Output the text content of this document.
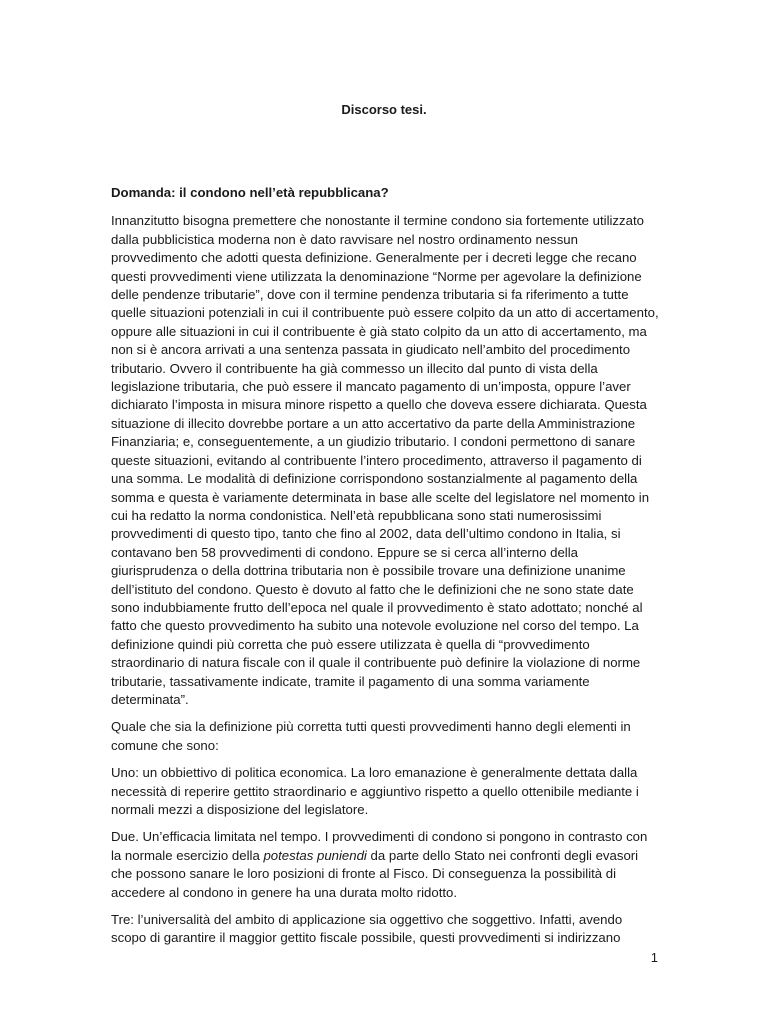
Discorso tesi.

Domanda: il condono nell’età repubblicana?

Innanzitutto bisogna premettere che nonostante il termine condono sia fortemente utilizzato dalla pubblicistica moderna non è dato ravvisare nel nostro ordinamento nessun provvedimento che adotti questa definizione. Generalmente per i decreti legge che recano questi provvedimenti viene utilizzata la denominazione “Norme per agevolare la definizione delle pendenze tributarie”, dove con il termine pendenza tributaria si fa riferimento a tutte quelle situazioni potenziali in cui il contribuente può essere colpito da un atto di accertamento, oppure alle situazioni in cui il contribuente è già stato colpito da un atto di accertamento, ma non si è ancora arrivati a una sentenza passata in giudicato nell’ambito del procedimento tributario. Ovvero il contribuente ha già commesso un illecito dal punto di vista della legislazione tributaria, che può essere il mancato pagamento di un’imposta, oppure l’aver dichiarato l’imposta in misura minore rispetto a quello che doveva essere dichiarata. Questa situazione di illecito dovrebbe portare a un atto accertativo da parte della Amministrazione Finanziaria; e, conseguentemente, a un giudizio tributario. I condoni permettono di sanare queste situazioni, evitando al contribuente l’intero procedimento, attraverso il pagamento di una somma. Le modalità di definizione corrispondono sostanzialmente al pagamento della somma e questa è variamente determinata in base alle scelte del legislatore nel momento in cui ha redatto la norma condonistica. Nell’età repubblicana sono stati numerosissimi provvedimenti di questo tipo, tanto che fino al 2002, data dell’ultimo condono in Italia, si contavano ben 58 provvedimenti di condono. Eppure se si cerca all’interno della giurisprudenza o della dottrina tributaria non è possibile trovare una definizione unanime dell’istituto del condono. Questo è dovuto al fatto che le definizioni che ne sono state date sono indubbiamente frutto dell’epoca nel quale il provvedimento è stato adottato; nonché al fatto che questo provvedimento ha subito una notevole evoluzione nel corso del tempo. La definizione quindi più corretta che può essere utilizzata è quella di “provvedimento straordinario di natura fiscale con il quale il contribuente può definire la violazione di norme tributarie, tassativamente indicate, tramite il pagamento di una somma variamente determinata”.

Quale che sia la definizione più corretta tutti questi provvedimenti hanno degli elementi in comune che sono:

Uno: un obbiettivo di politica economica. La loro emanazione è generalmente dettata dalla necessità di reperire gettito straordinario e aggiuntivo rispetto a quello ottenibile mediante i normali mezzi a disposizione del legislatore.

Due. Un’efficacia limitata nel tempo. I provvedimenti di condono si pongono in contrasto con la normale esercizio della potestas puniendi da parte dello Stato nei confronti degli evasori che possono sanare le loro posizioni di fronte al Fisco. Di conseguenza la possibilità di accedere al condono in genere ha una durata molto ridotto.

Tre: l’universalità del ambito di applicazione sia oggettivo che soggettivo. Infatti, avendo scopo di garantire il maggior gettito fiscale possibile, questi provvedimenti si indirizzano

1
